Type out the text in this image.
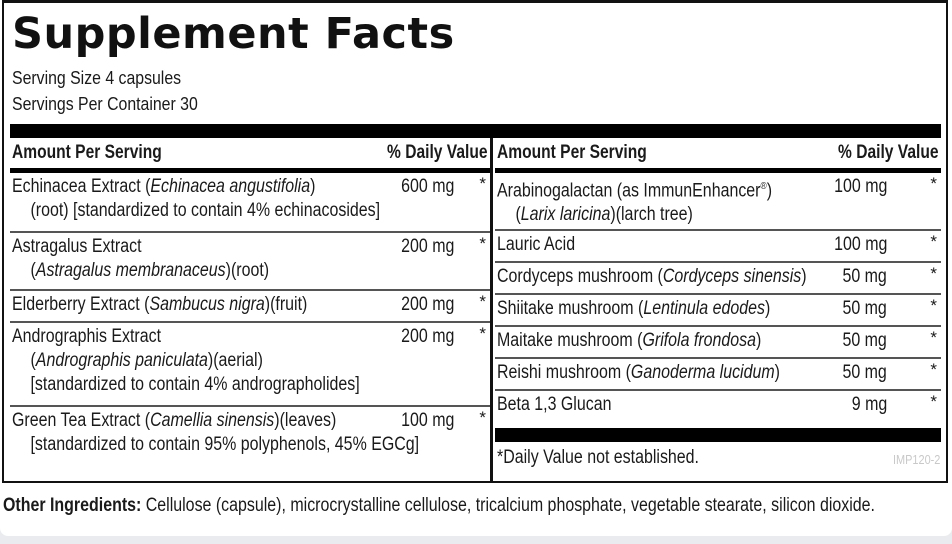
Supplement Facts
Serving Size 4 capsules
Servings Per Container 30
Amount Per Serving	% Daily Value
Echinacea Extract (Echinacea angustifolia)
(root) [standardized to contain 4% echinacosides]
600 mg *
Astragalus Extract
(Astragalus membranaceus)(root)
200 mg *
Elderberry Extract (Sambucus nigra)(fruit)	200 mg *
Andrographis Extract
(Andrographis paniculata)(aerial)
[standardized to contain 4% andrographolides]
200 mg *
Green Tea Extract (Camellia sinensis)(leaves)
[standardized to contain 95% polyphenols, 45% EGCg]
100 mg *
Amount Per Serving	% Daily Value
Arabinogalactan (as ImmunEnhancer®)
(Larix laricina)(larch tree)
100 mg	*
Lauric Acid	100 mg	*
Cordyceps mushroom (Cordyceps sinensis) 50 mg	*
Shiitake mushroom (Lentinula edodes)	50 mg	*
Maitake mushroom (Grifola frondosa)	50 mg	*
Reishi mushroom (Ganoderma lucidum)	50 mg	*
Beta 1,3 Glucan	9 mg	*
*Daily Value not established.	IMP120-2
Other Ingredients: Cellulose (capsule), microcrystalline cellulose, tricalcium phosphate, vegetable stearate, silicon dioxide.
